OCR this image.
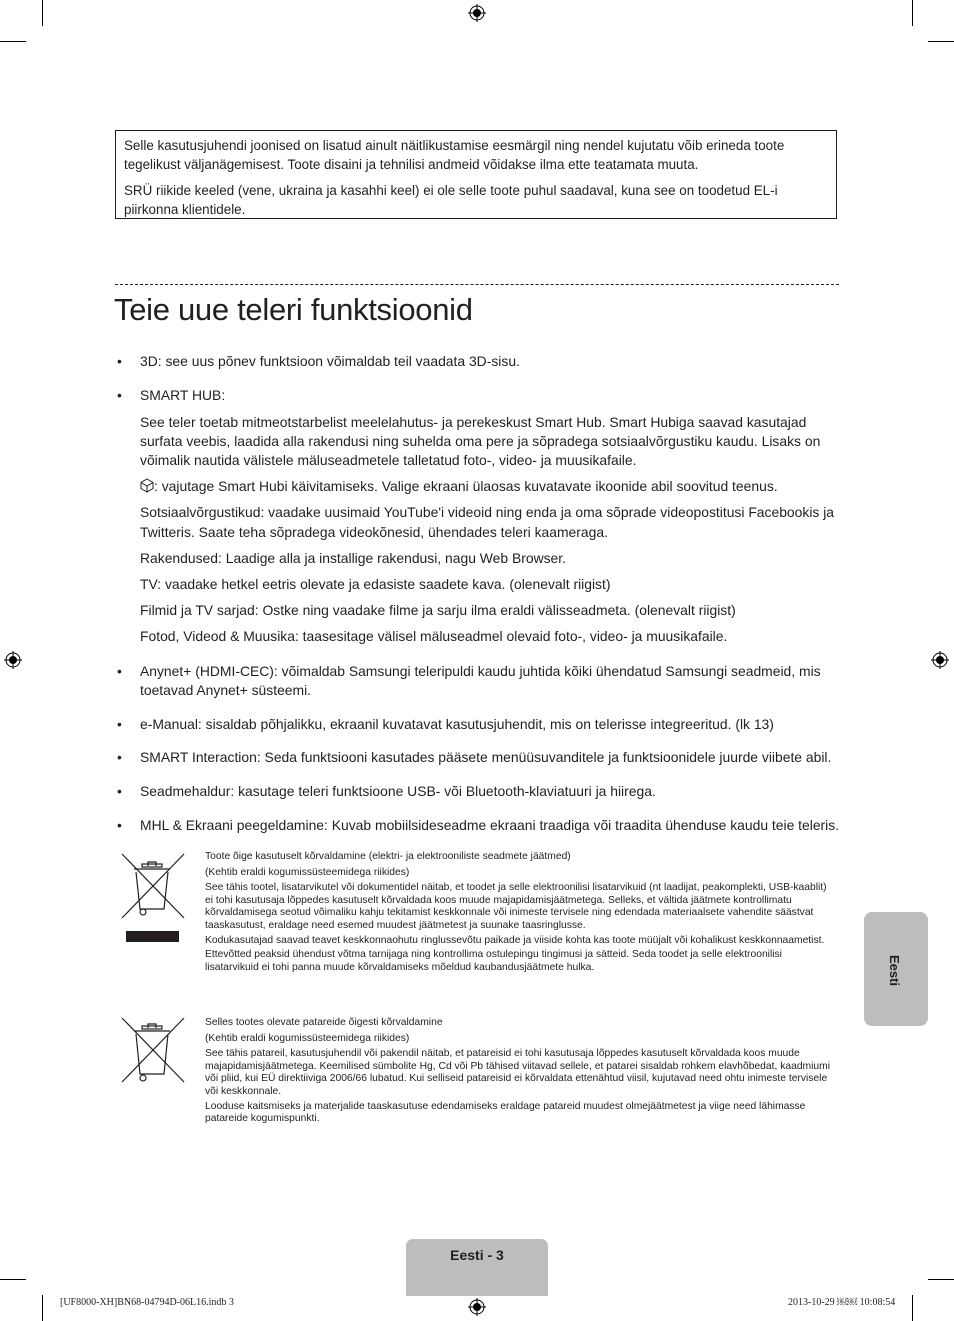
Selle kasutusjuhendi joonised on lisatud ainult näitlikustamise eesmärgil ning nendel kujutatu võib erineda toote tegelikust väljanägemisest. Toote disaini ja tehnilisi andmeid võidakse ilma ette teatamata muuta.

SRÜ riikide keeled (vene, ukraina ja kasahhi keel) ei ole selle toote puhul saadaval, kuna see on toodetud EL-i piirkonna klientidele.

Teie uue teleri funktsioonid
• 3D: see uus põnev funktsioon võimaldab teil vaadata 3D-sisu.
• SMART HUB:

See teler toetab mitmeotstarbelist meelelahutus- ja perekeskust Smart Hub. Smart Hubiga saavad kasutajad surfata veebis, laadida alla rakendusi ning suhelda oma pere ja sõpradega sotsiaalvõrgustiku kaudu. Lisaks on võimalik nautida välistele mäluseadmetele talletatud foto-, video- ja muusikafaile.

: vajutage Smart Hubi käivitamiseks. Valige ekraani ülaosas kuvatavate ikoonide abil soovitud teenus.

Sotsiaalvõrgustikud: vaadake uusimaid YouTube'i videoid ning enda ja oma sõprade videopostitusi Facebookis ja Twitteris. Saate teha sõpradega videokõnesid, ühendades teleri kaameraga.

Rakendused: Laadige alla ja installige rakendusi, nagu Web Browser.

TV: vaadake hetkel eetris olevate ja edasiste saadete kava. (olenevalt riigist)

Filmid ja TV sarjad: Ostke ning vaadake filme ja sarju ilma eraldi välisseadmeta. (olenevalt riigist)

Fotod, Videod & Muusika: taasesitage välisel mäluseadmel olevaid foto-, video- ja muusikafaile.

• Anynet+ (HDMI-CEC): võimaldab Samsungi teleripuldi kaudu juhtida kõiki ühendatud Samsungi seadmeid, mis toetavad Anynet+ süsteemi.
• e-Manual: sisaldab põhjalikku, ekraanil kuvatavat kasutusjuhendit, mis on telerisse integreeritud. (lk 13)
• SMART Interaction: Seda funktsiooni kasutades pääsete menüüsuvanditele ja funktsioonidele juurde viibete abil.
• Seadmehaldur: kasutage teleri funktsioone USB- või Bluetooth-klaviatuuri ja hiirega.
• MHL & Ekraani peegeldamine: Kuvab mobiilsideseadme ekraani traadiga või traadita ühenduse kaudu teie teleris.

Toote õige kasutuselt kõrvaldamine (elektri- ja elektrooniliste seadmete jäätmed)

(Kehtib eraldi kogumissüsteemidega riikides)

See tähis tootel, lisatarvikutel või dokumentidel näitab, et toodet ja selle elektroonilisi lisatarvikuid (nt laadijat, peakomplekti, USB-kaablit) ei tohi kasutusaja lõppedes kasutuselt kõrvaldada koos muude majapidamisjäätmetega. Selleks, et vältida jäätmete kontrollimatu kõrvaldamisega seotud võimaliku kahju tekitamist keskkonnale või inimeste tervisele ning edendada materiaalsete vahendite säästvat taaskasutust, eraldage need esemed muudest jäätmetest ja suunake taasringlusse.

Kodukasutajad saavad teavet keskkonnaohutu ringlussevõtu paikade ja viiside kohta kas toote müüjalt või kohalikust keskkonnaametist.

Ettevõtted peaksid ühendust võtma tarnijaga ning kontrollima ostulepingu tingimusi ja sätteid. Seda toodet ja selle elektroonilisi lisatarvikuid ei tohi panna muude kõrvaldamiseks mõeldud kaubandusjäätmete hulka.

Selles tootes olevate patareide õigesti kõrvaldamine

(Kehtib eraldi kogumissüsteemidega riikides)

See tähis patareil, kasutusjuhendil või pakendil näitab, et patareisid ei tohi kasutusaja lõppedes kasutuselt kõrvaldada koos muude majapidamisjäätmetega. Keemilised sümbolite Hg, Cd või Pb tähised viitavad sellele, et patarei sisaldab rohkem elavhõbedat, kaadmiumi või pliid, kui EÜ direktiiviga 2006/66 lubatud. Kui selliseid patareisid ei kõrvaldata ettenähtud viisil, kujutavad need ohtu inimeste tervisele või keskkonnale.

Looduse kaitsmiseks ja materjalide taaskasutuse edendamiseks eraldage patareid muudest olmejäätmetest ja viige need lähimasse patareide kogumispunkti.

Eesti
Eesti - 3
[UF8000-XH]BN68-04794D-06L16.indb 3	2013-10-29 ￼￼ 10:08:54
